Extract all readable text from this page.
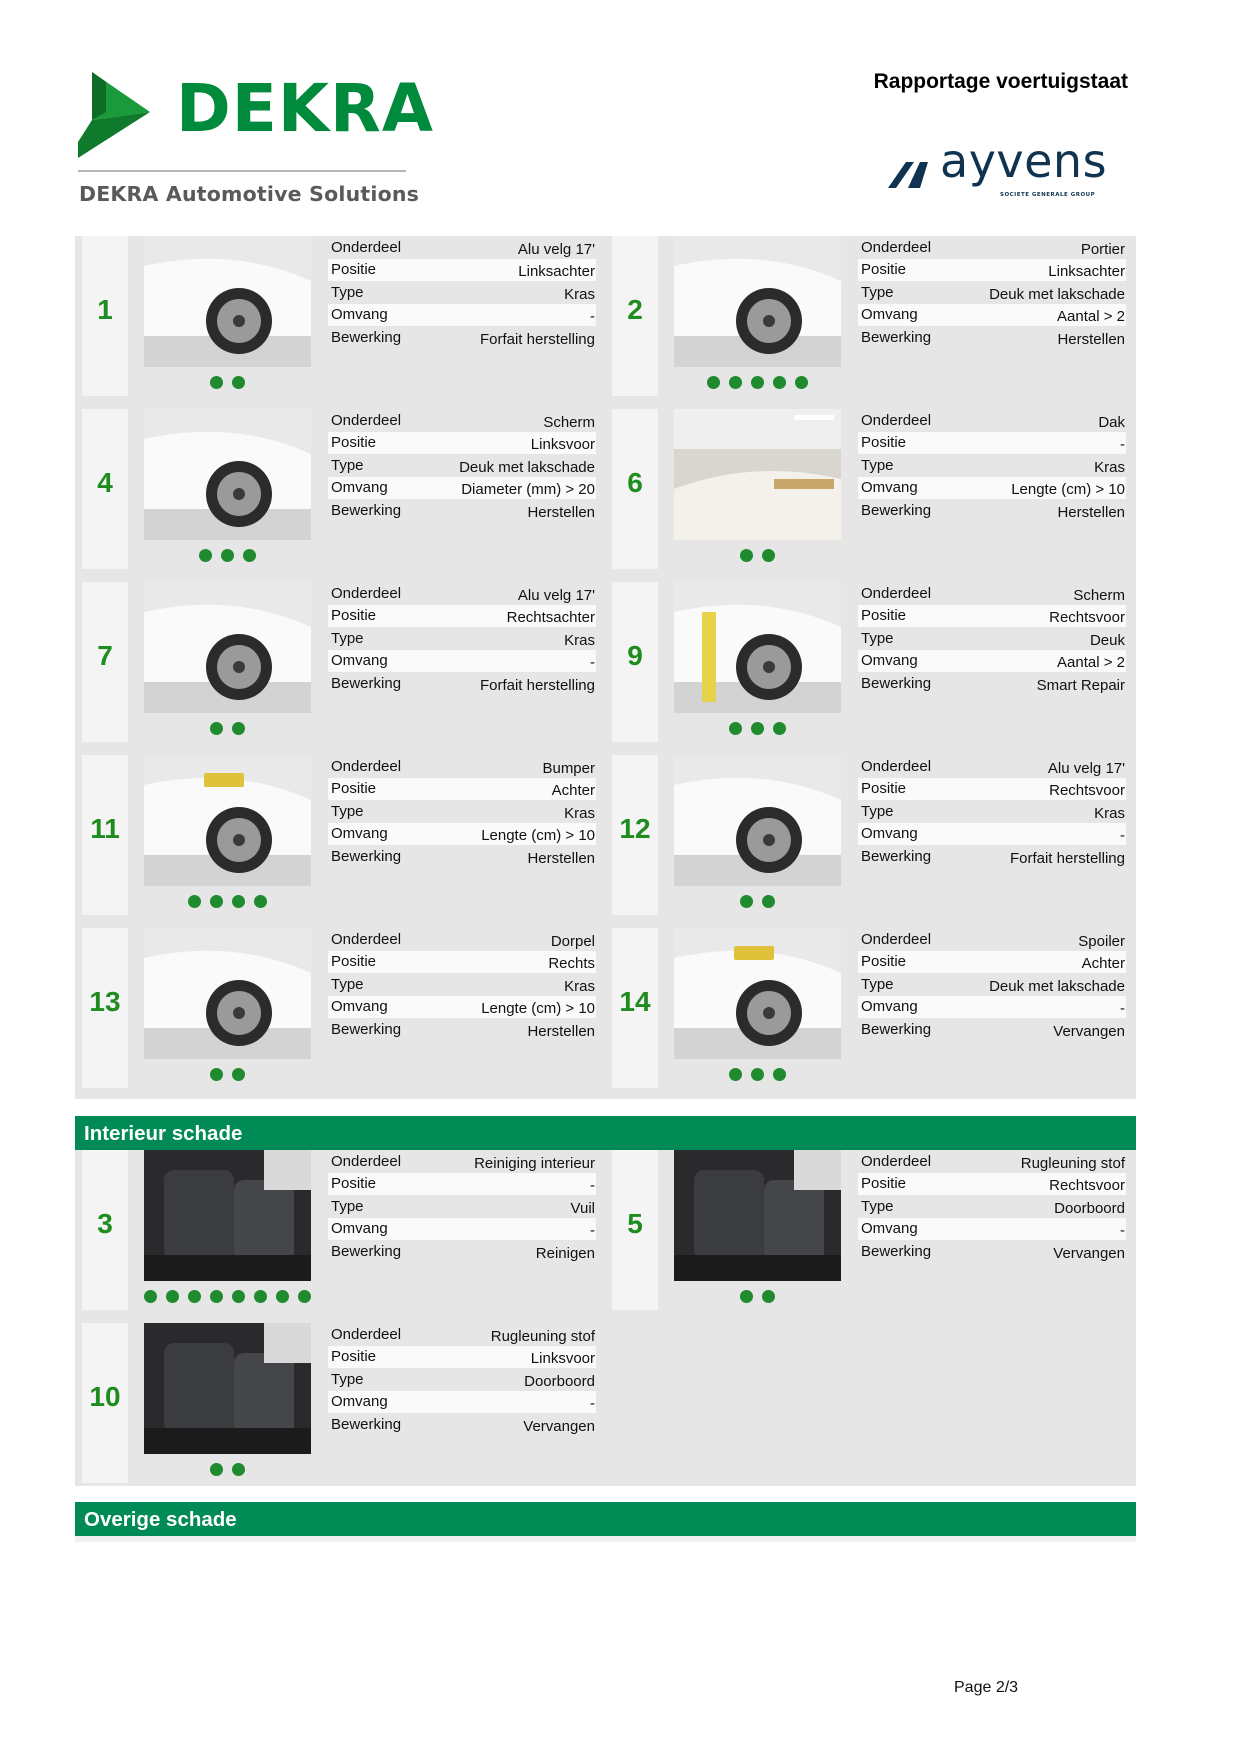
DEKRA
DEKRA Automotive Solutions
Rapportage voertuigstaat
ayvens
SOCIETE GENERALE GROUP
1
Onderdeel	Alu velg 17'
Positie	Linksachter
Type	Kras
Omvang	-
Bewerking	Forfait herstelling
2
Onderdeel	Portier
Positie	Linksachter
Type	Deuk met lakschade
Omvang	Aantal > 2
Bewerking	Herstellen
4
Onderdeel	Scherm
Positie	Linksvoor
Type	Deuk met lakschade
Omvang	Diameter (mm) > 20
Bewerking	Herstellen
6
Onderdeel	Dak
Positie	-
Type	Kras
Omvang	Lengte (cm) > 10
Bewerking	Herstellen
7
Onderdeel	Alu velg 17'
Positie	Rechtsachter
Type	Kras
Omvang	-
Bewerking	Forfait herstelling
9
Onderdeel	Scherm
Positie	Rechtsvoor
Type	Deuk
Omvang	Aantal > 2
Bewerking	Smart Repair
11
Onderdeel	Bumper
Positie	Achter
Type	Kras
Omvang	Lengte (cm) > 10
Bewerking	Herstellen
12
Onderdeel	Alu velg 17'
Positie	Rechtsvoor
Type	Kras
Omvang	-
Bewerking	Forfait herstelling
13
Onderdeel	Dorpel
Positie	Rechts
Type	Kras
Omvang	Lengte (cm) > 10
Bewerking	Herstellen
14
Onderdeel	Spoiler
Positie	Achter
Type	Deuk met lakschade
Omvang	-
Bewerking	Vervangen
Interieur schade
3
Onderdeel	Reiniging interieur
Positie	-
Type	Vuil
Omvang	-
Bewerking	Reinigen
5
Onderdeel	Rugleuning stof
Positie	Rechtsvoor
Type	Doorboord
Omvang	-
Bewerking	Vervangen
10
Onderdeel	Rugleuning stof
Positie	Linksvoor
Type	Doorboord
Omvang	-
Bewerking	Vervangen
Overige schade
Page 2/3
